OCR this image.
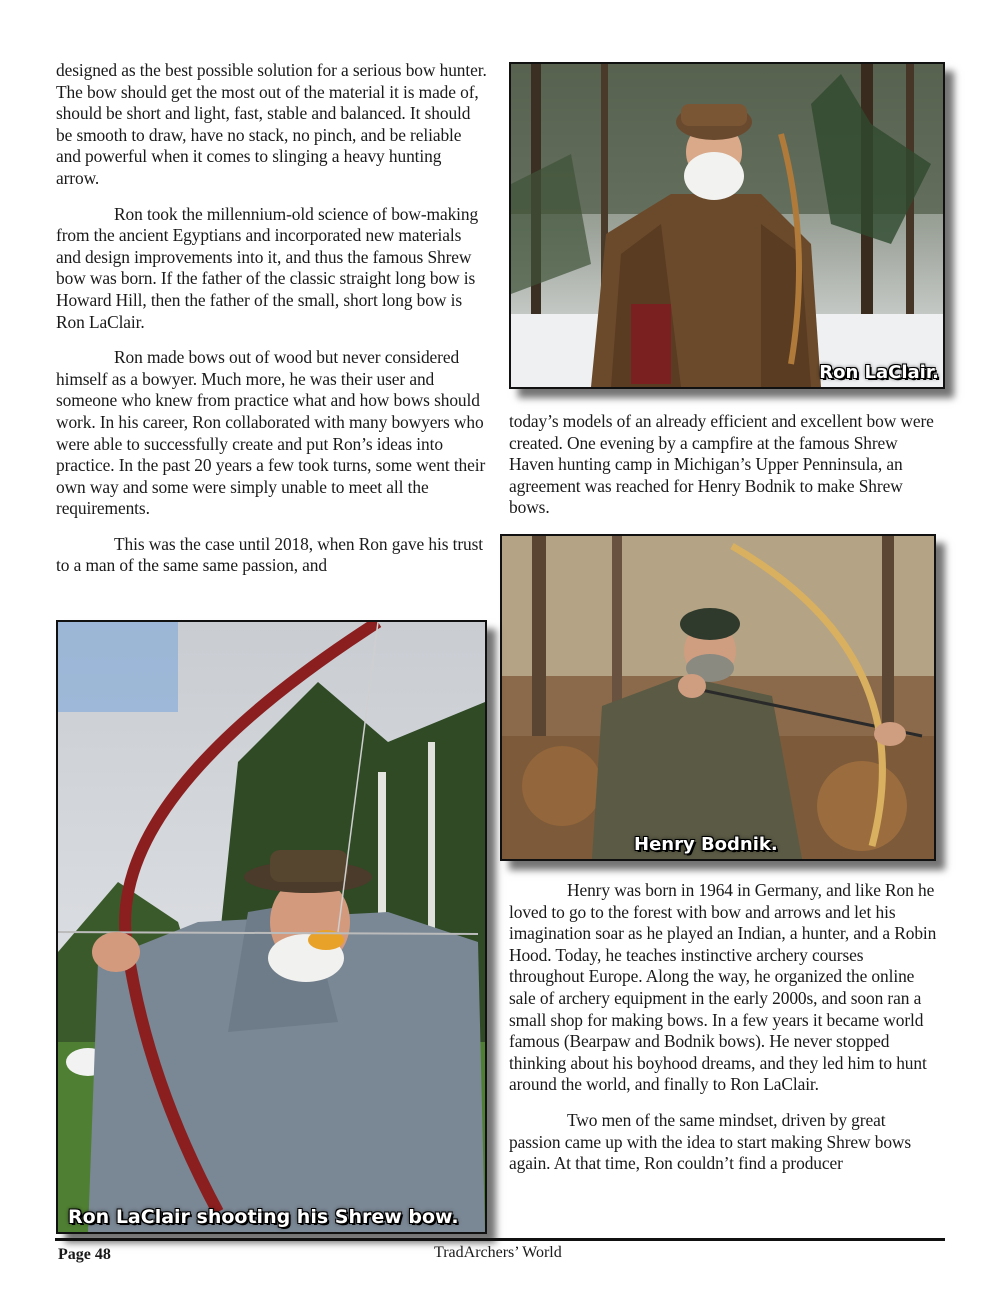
designed as the best possible solution for a serious bow hunter. The bow should get the most out of the material it is made of, should be short and light, fast, stable and balanced. It should be smooth to draw, have no stack, no pinch, and be reliable and powerful when it comes to slinging a heavy hunting arrow.

Ron took the millennium-old science of bow-making from the ancient Egyptians and incorporated new materials and design improvements into it, and thus the famous Shrew bow was born. If the father of the classic straight long bow is Howard Hill, then the father of the small, short long bow is Ron LaClair.

Ron made bows out of wood but never considered himself as a bowyer. Much more, he was their user and someone who knew from practice what and how bows should work. In his career, Ron collaborated with many bowyers who were able to successfully create and put Ron’s ideas into practice. In the past 20 years a few took turns, some went their own way and some were simply unable to meet all the requirements.

This was the case until 2018, when Ron gave his trust to a man of the same same passion, and

today’s models of an already efficient and excellent bow were created. One evening by a campfire at the famous Shrew Haven hunting camp in Michigan’s Upper Penninsula, an agreement was reached for Henry Bodnik to make Shrew bows.

Henry was born in 1964 in Germany, and like Ron he loved to go to the forest with bow and arrows and let his imagination soar as he played an Indian, a hunter, and a Robin Hood. Today, he teaches instinctive archery courses throughout Europe. Along the way, he organized the online sale of archery equipment in the early 2000s, and soon ran a small shop for making bows. In a few years it became world famous (Bearpaw and Bodnik bows). He never stopped thinking about his boyhood dreams, and they led him to hunt around the world, and finally to Ron LaClair.

Two men of the same mindset, driven by great passion came up with the idea to start making Shrew bows again. At that time, Ron couldn’t find a producer

Ron LaClair.
Henry Bodnik.
Ron LaClair shooting his Shrew bow.
Page 48	TradArchers’ World
